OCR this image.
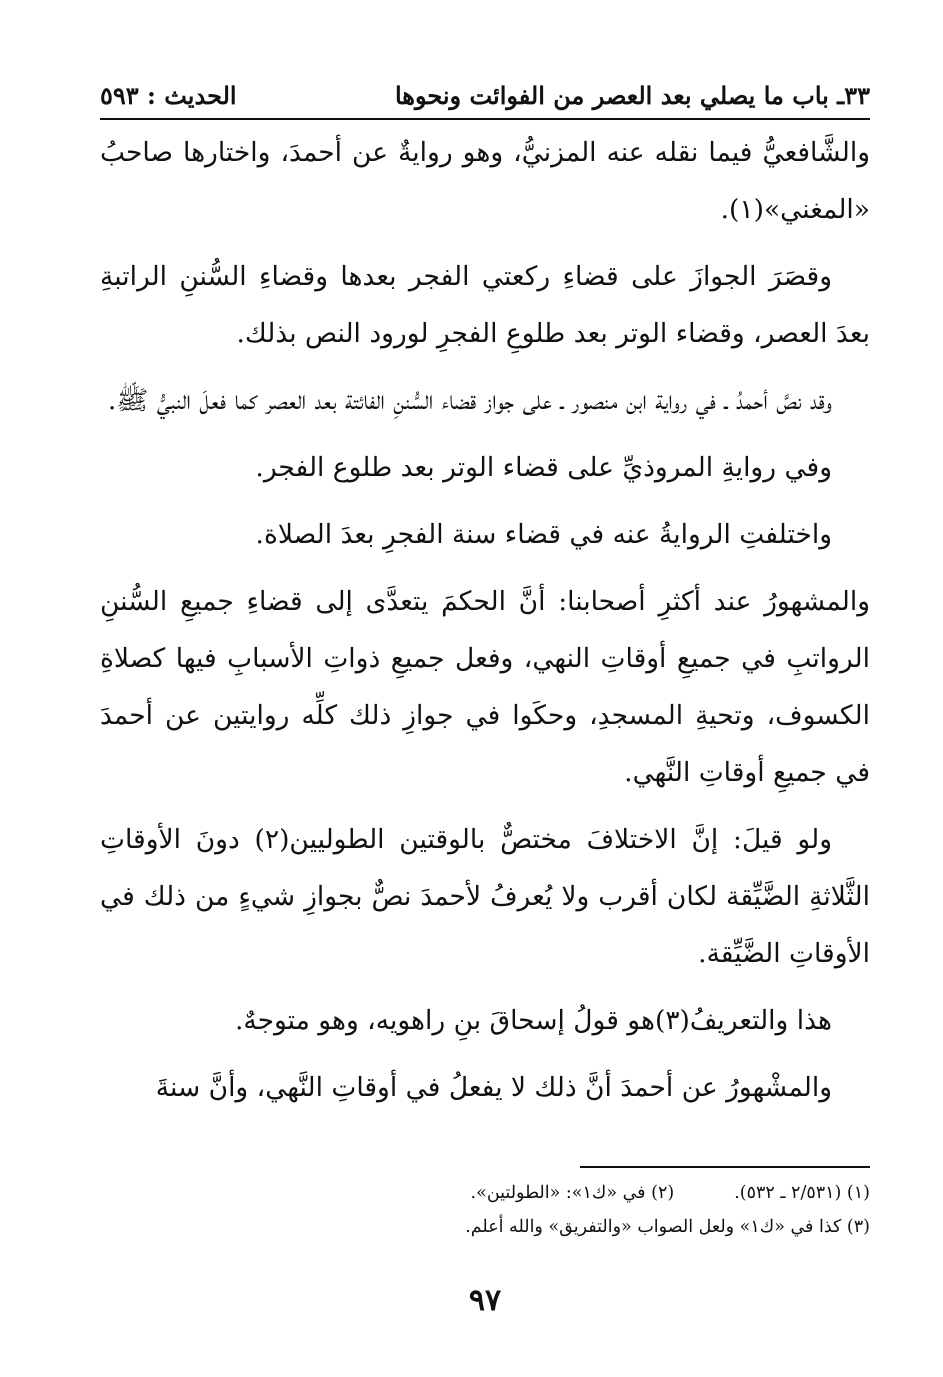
٣٣ـ باب ما يصلي بعد العصر من الفوائت ونحوها
الحديث : ٥٩٣

والشَّافعيُّ فيما نقله عنه المزنيُّ، وهو روايةٌ عن أحمدَ، واختارها صاحبُ «المغني»(١).

وقصَرَ الجوازَ على قضاءِ ركعتي الفجر بعدها وقضاءِ السُّننِ الراتبةِ بعدَ العصر، وقضاء الوتر بعد طلوعِ الفجرِ لورود النص بذلك.

وقد نصَّ أحمدُ ـ في رواية ابن منصور ـ على جواز قضاء السُّننِ الفائتة بعد العصر كما فعلَ النبيُّ ﷺ.

وفي روايةِ المروذيِّ على قضاء الوتر بعد طلوع الفجر.

واختلفتِ الروايةُ عنه في قضاء سنة الفجرِ بعدَ الصلاة.

والمشهورُ عند أكثرِ أصحابنا: أنَّ الحكمَ يتعدَّى إلى قضاءِ جميعِ السُّننِ الرواتبِ في جميعِ أوقاتِ النهي، وفعل جميعِ ذواتِ الأسبابِ فيها كصلاةِ الكسوف، وتحيةِ المسجدِ، وحكَوا في جوازِ ذلك كلِّه روايتين عن أحمدَ في جميعِ أوقاتِ النَّهي.

ولو قيلَ: إنَّ الاختلافَ مختصٌّ بالوقتين الطوليين(٢) دونَ الأوقاتِ الثَّلاثةِ الضَّيِّقة لكان أقرب ولا يُعرفُ لأحمدَ نصٌّ بجوازِ شيءٍ من ذلك في الأوقاتِ الضَّيِّقة.

هذا والتعريفُ(٣)هو قولُ إسحاقَ بنِ راهويه، وهو متوجهٌ.

والمشْهورُ عن أحمدَ أنَّ ذلك لا يفعلُ في أوقاتِ النَّهي، وأنَّ سنةَ

(١) (٢/٥٣١ ـ ٥٣٢).
(٢) في «ك١»: «الطولتين».
(٣) كذا في «ك١» ولعل الصواب «والتفريق» والله أعلم.
٩٧
